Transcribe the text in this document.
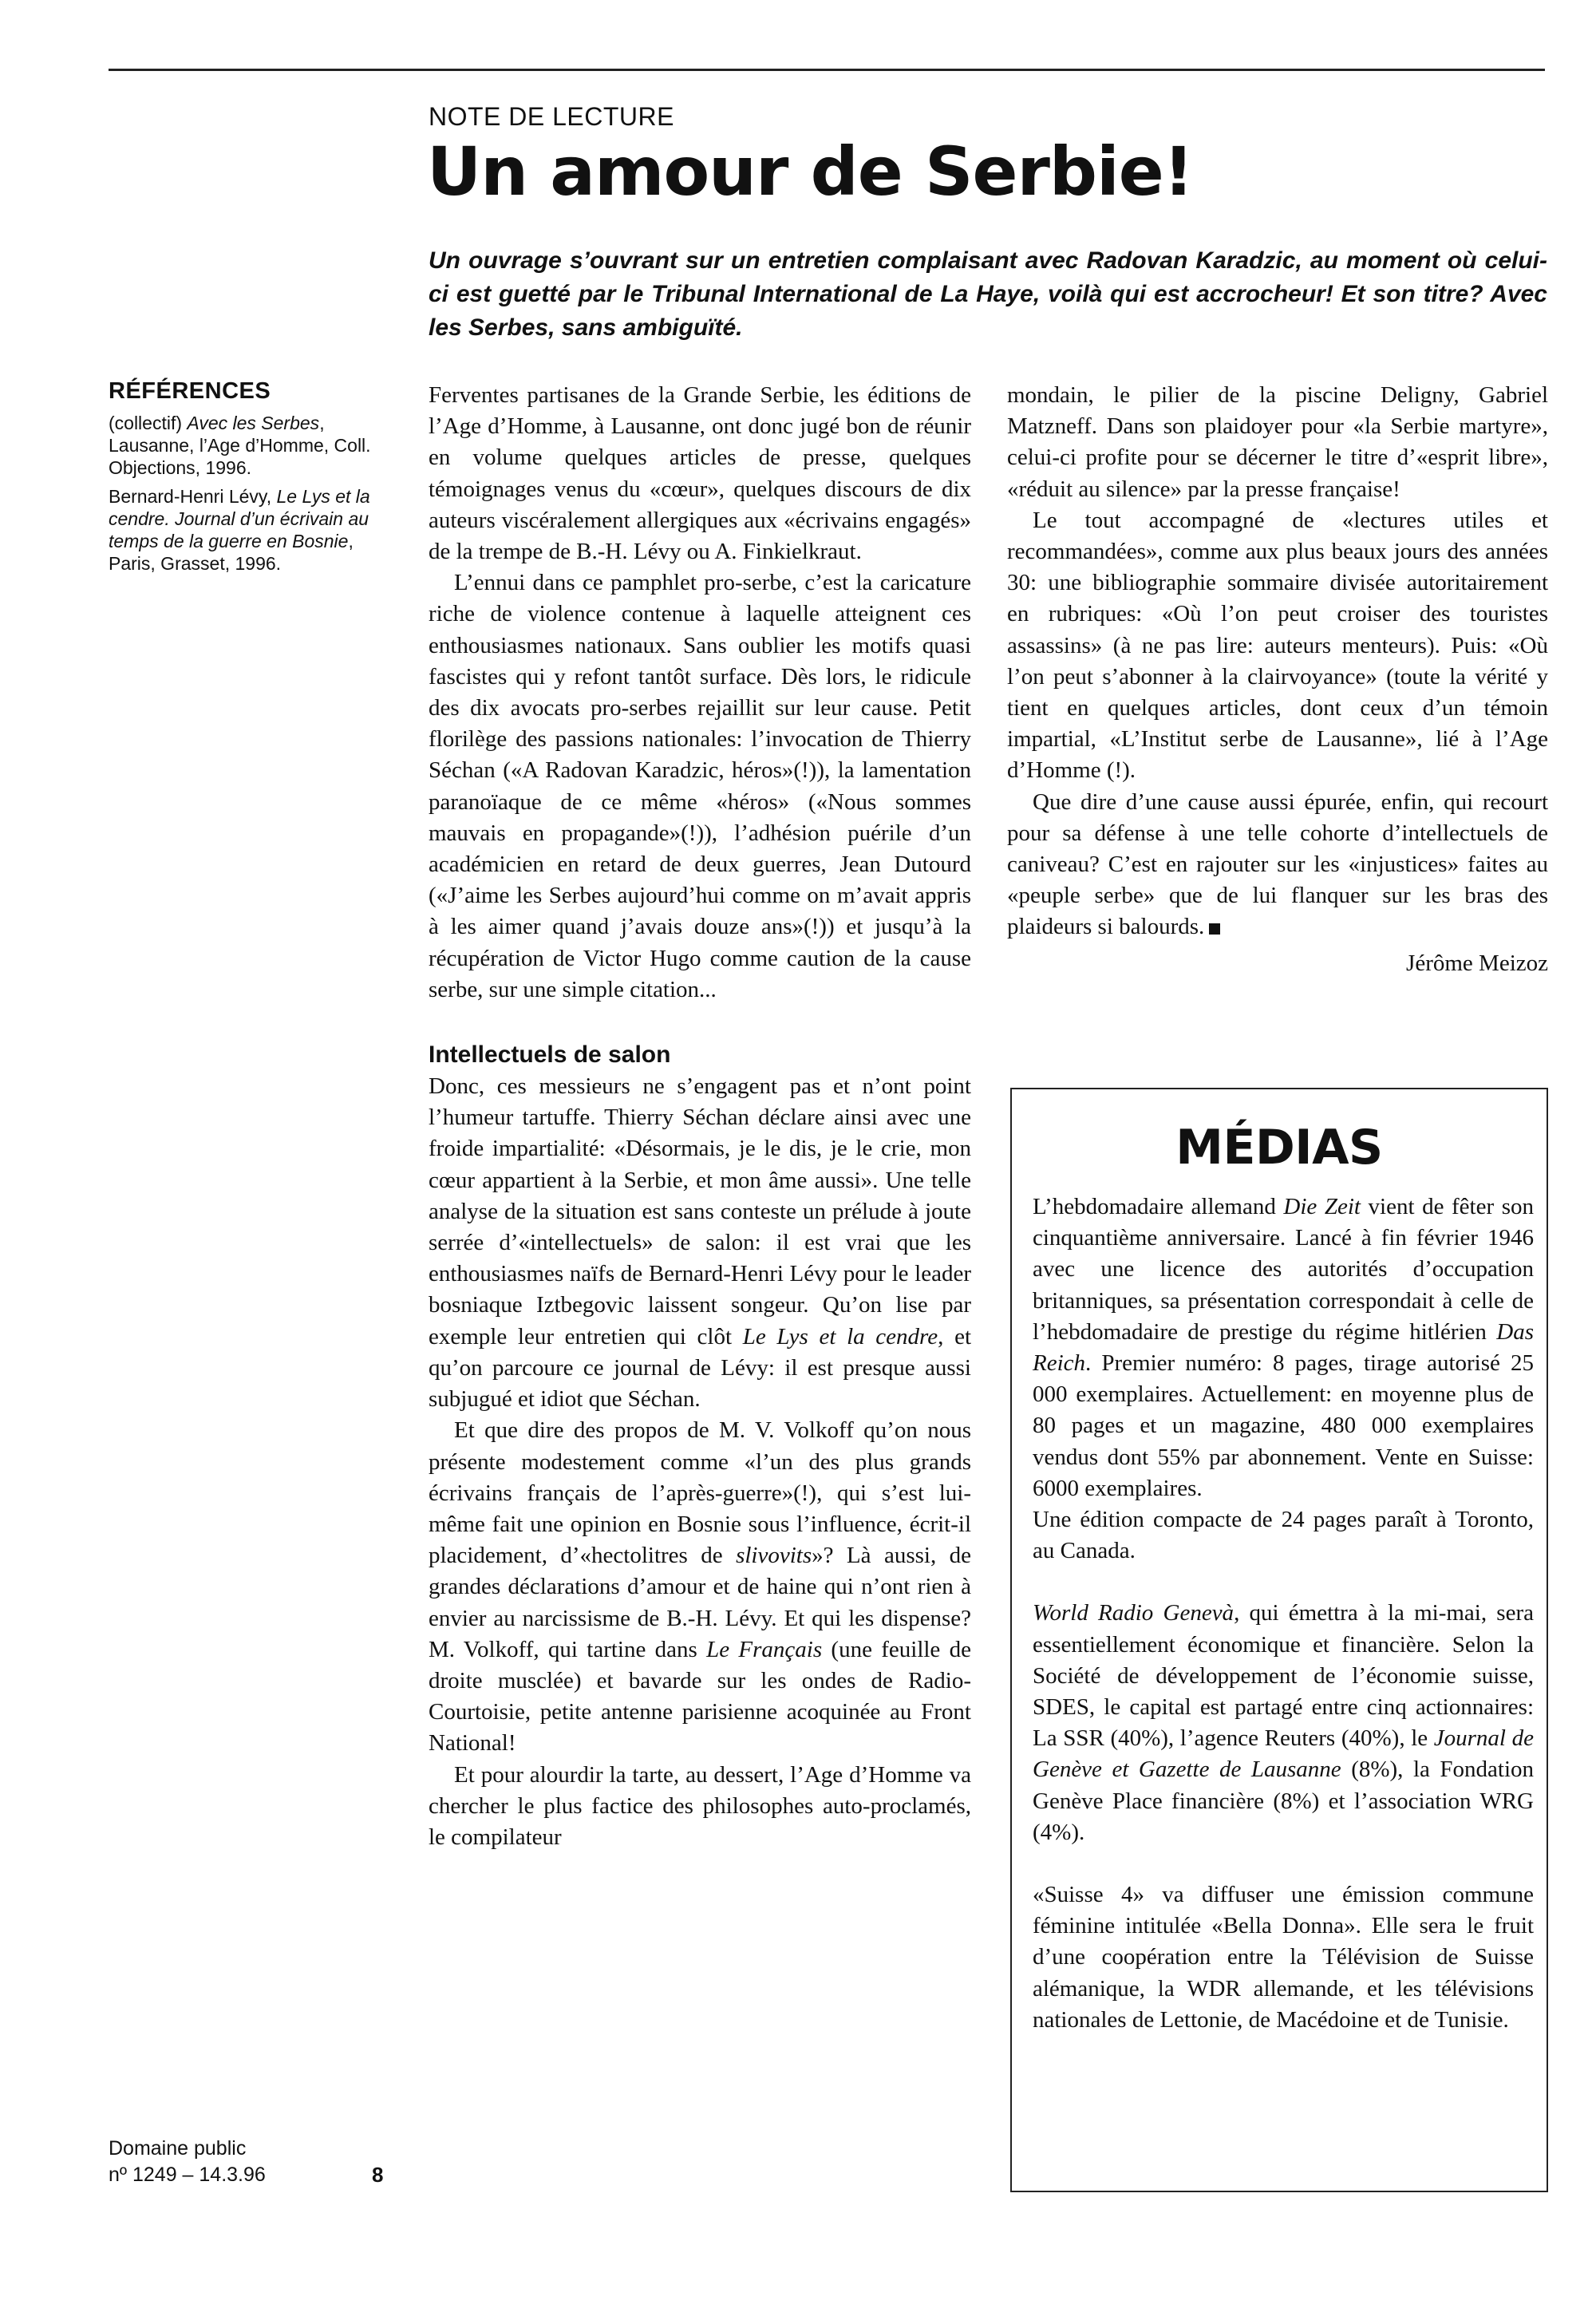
NOTE DE LECTURE
Un amour de Serbie!
Un ouvrage s’ouvrant sur un entretien complaisant avec Radovan Karadzic, au moment où celui-ci est guetté par le Tribunal International de La Haye, voilà qui est accrocheur! Et son titre? Avec les Serbes, sans ambiguïté.
RÉFÉRENCES

(collectif) Avec les Serbes, Lausanne, l’Age d’Homme, Coll. Objections, 1996.

Bernard-Henri Lévy, Le Lys et la cendre. Journal d’un écrivain au temps de la guerre en Bosnie, Paris, Grasset, 1996.

Ferventes partisanes de la Grande Serbie, les éditions de l’Age d’Homme, à Lausanne, ont donc jugé bon de réunir en volume quelques articles de presse, quelques témoignages venus du «cœur», quelques discours de dix auteurs viscéralement allergiques aux «écrivains engagés» de la trempe de B.-H. Lévy ou A. Finkielkraut.

L’ennui dans ce pamphlet pro-serbe, c’est la caricature riche de violence contenue à laquelle atteignent ces enthousiasmes nationaux. Sans oublier les motifs quasi fascistes qui y refont tantôt surface. Dès lors, le ridicule des dix avocats pro-serbes rejaillit sur leur cause. Petit florilège des passions nationales: l’invocation de Thierry Séchan («A Radovan Karadzic, héros»(!)), la lamentation paranoïaque de ce même «héros» («Nous sommes mauvais en propagande»(!)), l’adhésion puérile d’un académicien en retard de deux guerres, Jean Dutourd («J’aime les Serbes aujourd’hui comme on m’avait appris à les aimer quand j’avais douze ans»(!)) et jusqu’à la récupération de Victor Hugo comme caution de la cause serbe, sur une simple citation...

Intellectuels de salon

Donc, ces messieurs ne s’engagent pas et n’ont point l’humeur tartuffe. Thierry Séchan déclare ainsi avec une froide impartialité: «Désormais, je le dis, je le crie, mon cœur appartient à la Serbie, et mon âme aussi». Une telle analyse de la situation est sans conteste un prélude à joute serrée d’«intellectuels» de salon: il est vrai que les enthousiasmes naïfs de Bernard-Henri Lévy pour le leader bosniaque Iztbegovic laissent songeur. Qu’on lise par exemple leur entretien qui clôt Le Lys et la cendre, et qu’on parcoure ce journal de Lévy: il est presque aussi subjugué et idiot que Séchan.

Et que dire des propos de M. V. Volkoff qu’on nous présente modestement comme «l’un des plus grands écrivains français de l’après-guerre»(!), qui s’est lui-même fait une opinion en Bosnie sous l’influence, écrit-il placidement, d’«hectolitres de slivovits»? Là aussi, de grandes déclarations d’amour et de haine qui n’ont rien à envier au narcissisme de B.-H. Lévy. Et qui les dispense? M. Volkoff, qui tartine dans Le Français (une feuille de droite musclée) et bavarde sur les ondes de Radio-Courtoisie, petite antenne parisienne acoquinée au Front National!

Et pour alourdir la tarte, au dessert, l’Age d’Homme va chercher le plus factice des philosophes auto-proclamés, le compilateur

mondain, le pilier de la piscine Deligny, Gabriel Matzneff. Dans son plaidoyer pour «la Serbie martyre», celui-ci profite pour se décerner le titre d’«esprit libre», «réduit au silence» par la presse française!

Le tout accompagné de «lectures utiles et recommandées», comme aux plus beaux jours des années 30: une bibliographie sommaire divisée autoritairement en rubriques: «Où l’on peut croiser des touristes assassins» (à ne pas lire: auteurs menteurs). Puis: «Où l’on peut s’abonner à la clairvoyance» (toute la vérité y tient en quelques articles, dont ceux d’un témoin impartial, «L’Institut serbe de Lausanne», lié à l’Age d’Homme (!).

Que dire d’une cause aussi épurée, enfin, qui recourt pour sa défense à une telle cohorte d’intellectuels de caniveau? C’est en rajouter sur les «injustices» faites au «peuple serbe» que de lui flanquer sur les bras des plaideurs si balourds.

Jérôme Meizoz
MÉDIAS

L’hebdomadaire allemand Die Zeit vient de fêter son cinquantième anniversaire. Lancé à fin février 1946 avec une licence des autorités d’occupation britanniques, sa présentation correspondait à celle de l’hebdomadaire de prestige du régime hitlérien Das Reich. Premier numéro: 8 pages, tirage autorisé 25 000 exemplaires. Actuellement: en moyenne plus de 80 pages et un magazine, 480 000 exemplaires vendus dont 55% par abonnement. Vente en Suisse: 6000 exemplaires.

Une édition compacte de 24 pages paraît à Toronto, au Canada.

World Radio Genevà, qui émettra à la mi-mai, sera essentiellement économique et financière. Selon la Société de développement de l’économie suisse, SDES, le capital est partagé entre cinq actionnaires: La SSR (40%), l’agence Reuters (40%), le Journal de Genève et Gazette de Lausanne (8%), la Fondation Genève Place financière (8%) et l’association WRG (4%).

«Suisse 4» va diffuser une émission commune féminine intitulée «Bella Donna». Elle sera le fruit d’une coopération entre la Télévision de Suisse alémanique, la WDR allemande, et les télévisions nationales de Lettonie, de Macédoine et de Tunisie.

Domaine public
nº 1249 – 14.3.96	8
